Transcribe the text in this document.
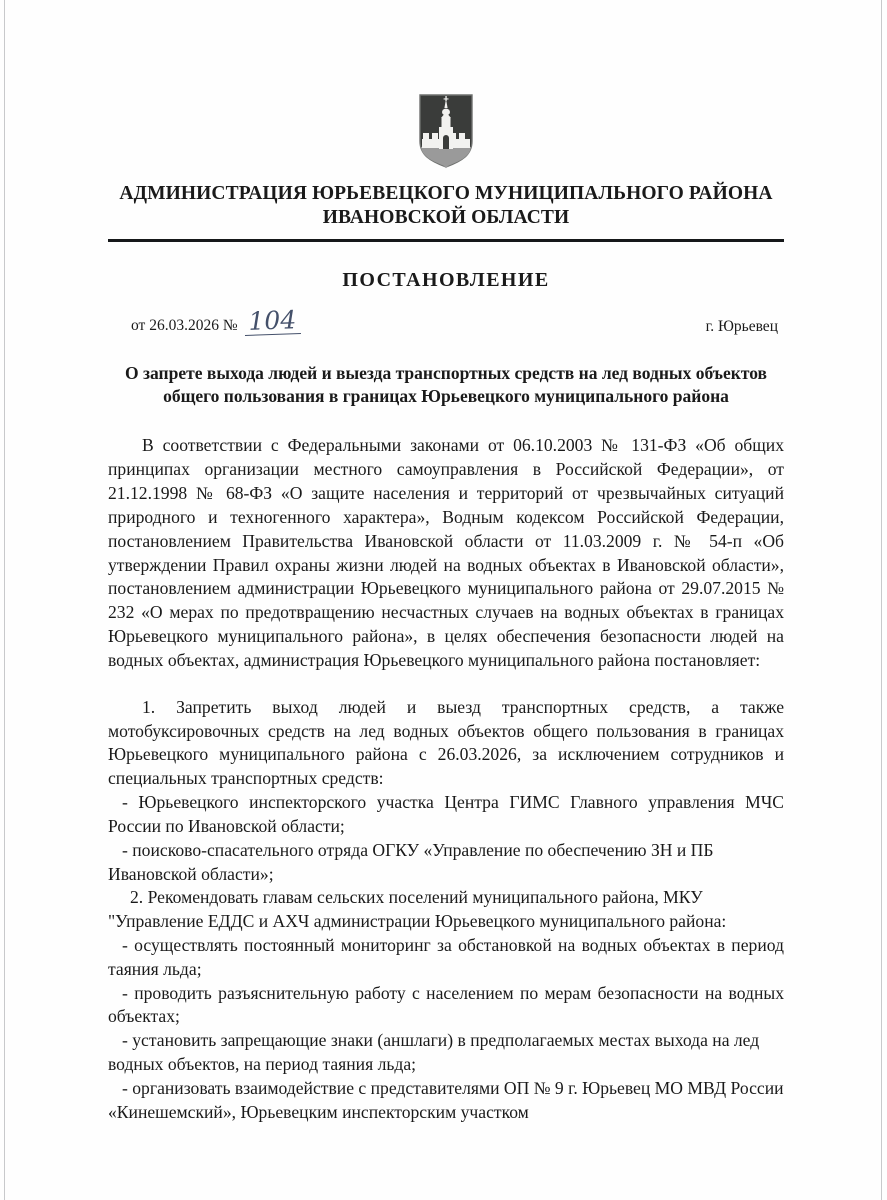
АДМИНИСТРАЦИЯ ЮРЬЕВЕЦКОГО МУНИЦИПАЛЬНОГО РАЙОНА
ИВАНОВСКОЙ ОБЛАСТИ
ПОСТАНОВЛЕНИЕ
от 26.03.2026 № 104	г. Юрьевец
О запрете выхода людей и выезда транспортных средств на лед водных объектов общего пользования в границах Юрьевецкого муниципального района

В соответствии с Федеральными законами от 06.10.2003 № 131-ФЗ «Об общих принципах организации местного самоуправления в Российской Федерации», от 21.12.1998 № 68-ФЗ «О защите населения и территорий от чрезвычайных ситуаций природного и техногенного характера», Водным кодексом Российской Федерации, постановлением Правительства Ивановской области от 11.03.2009 г. № 54-п «Об утверждении Правил охраны жизни людей на водных объектах в Ивановской области», постановлением администрации Юрьевецкого муниципального района от 29.07.2015 № 232 «О мерах по предотвращению несчастных случаев на водных объектах в границах Юрьевецкого муниципального района», в целях обеспечения безопасности людей на водных объектах, администрация Юрьевецкого муниципального района постановляет:

1. Запретить выход людей и выезд транспортных средств, а также мотобуксировочных средств на лед водных объектов общего пользования в границах Юрьевецкого муниципального района с 26.03.2026, за исключением сотрудников и специальных транспортных средств:

- Юрьевецкого инспекторского участка Центра ГИМС Главного управления МЧС России по Ивановской области;

- поисково-спасательного отряда ОГКУ «Управление по обеспечению ЗН и ПБ Ивановской области»;

2. Рекомендовать главам сельских поселений муниципального района, МКУ "Управление ЕДДС и АХЧ администрации Юрьевецкого муниципального района:

- осуществлять постоянный мониторинг за обстановкой на водных объектах в период таяния льда;

- проводить разъяснительную работу с населением по мерам безопасности на водных объектах;

- установить запрещающие знаки (аншлаги) в предполагаемых местах выхода на лед водных объектов, на период таяния льда;

- организовать взаимодействие с представителями ОП № 9 г. Юрьевец МО МВД России «Кинешемский», Юрьевецким инспекторским участком
